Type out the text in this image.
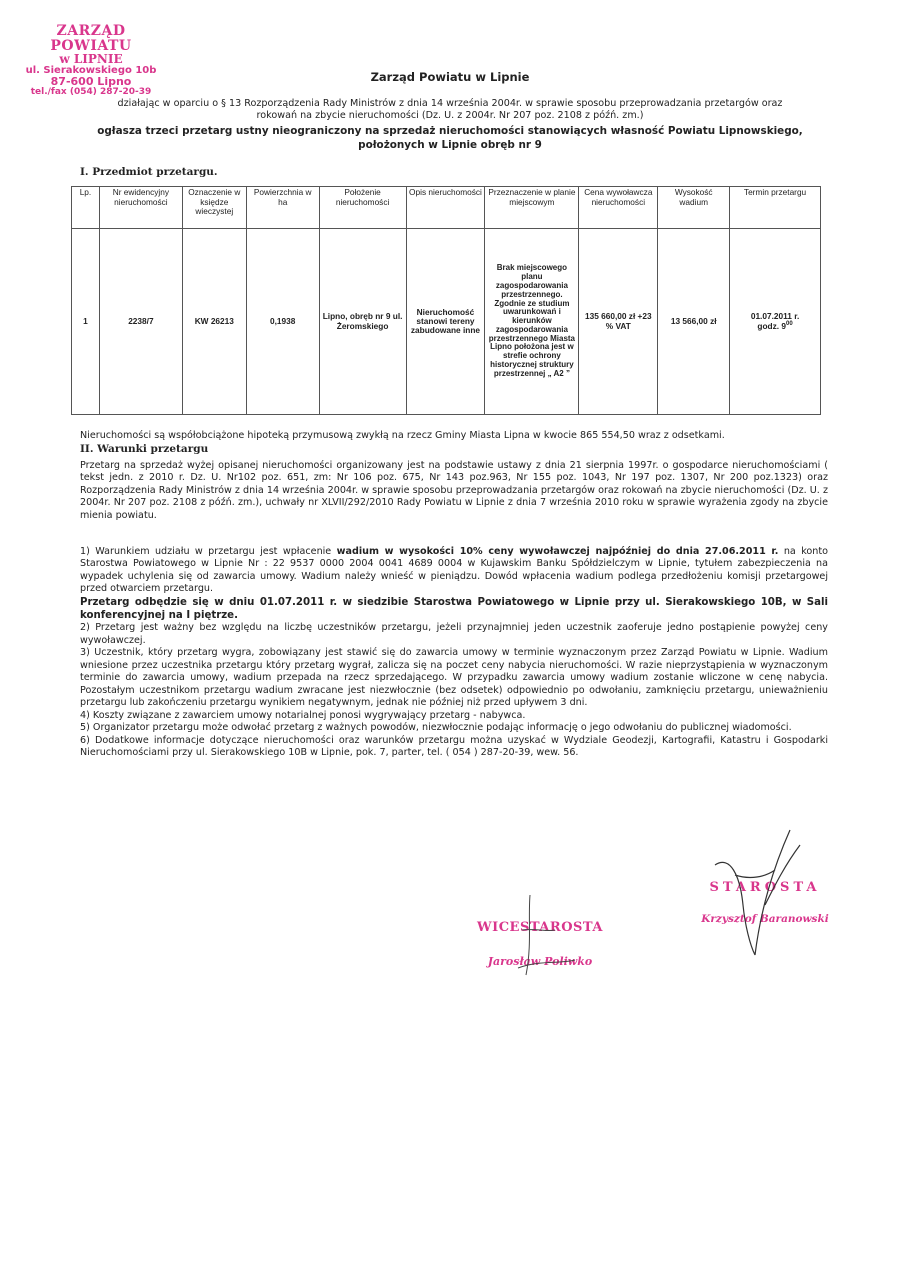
ZARZĄD POWIATU
w LIPNIE
ul. Sierakowskiego 10b
87-600 Lipno
tel./fax (054) 287-20-39
Zarząd Powiatu w Lipnie
działając w oparciu o § 13 Rozporządzenia Rady Ministrów z dnia 14 września 2004r. w sprawie sposobu przeprowadzania przetargów oraz rokowań na zbycie nieruchomości (Dz. U. z 2004r. Nr 207 poz. 2108 z późń. zm.)
ogłasza trzeci przetarg ustny nieograniczony na sprzedaż nieruchomości stanowiących własność Powiatu Lipnowskiego, położonych w Lipnie obręb nr 9
I. Przedmiot przetargu.
Lp.	Nr ewidencyjny nieruchomości	Oznaczenie w księdze wieczystej	Powierzchnia w ha	Położenie nieruchomości	Opis nieruchomości	Przeznaczenie w planie miejscowym	Cena wywoławcza nieruchomości	Wysokość wadium	Termin przetargu
1	2238/7	KW 26213	0,1938	Lipno, obręb nr 9 ul. Żeromskiego	Nieruchomość stanowi tereny zabudowane inne	Brak miejscowego planu zagospodarowania przestrzennego. Zgodnie ze studium uwarunkowań i kierunków zagospodarowania przestrzennego Miasta Lipno położona jest w strefie ochrony historycznej struktury przestrzennej „ A2 ”	135 660,00 zł +23 % VAT	13 566,00 zł	01.07.2011 r.
godz. $9^{00}$
Nieruchomości są współobciążone hipoteką przymusową zwykłą na rzecz Gminy Miasta Lipna w kwocie 865 554,50 wraz z odsetkami.
II. Warunki przetargu
Przetarg na sprzedaż wyżej opisanej nieruchomości organizowany jest na podstawie ustawy z dnia 21 sierpnia 1997r. o gospodarce nieruchomościami ( tekst jedn. z 2010 r. Dz. U. Nr102 poz. 651, zm: Nr 106 poz. 675, Nr 143 poz.963, Nr 155 poz. 1043, Nr 197 poz. 1307, Nr 200 poz.1323) oraz Rozporządzenia Rady Ministrów z dnia 14 września 2004r. w sprawie sposobu przeprowadzania przetargów oraz rokowań na zbycie nieruchomości (Dz. U. z 2004r. Nr 207 poz. 2108 z późń. zm.), uchwały nr XLVII/292/2010 Rady Powiatu w Lipnie z dnia 7 września 2010 roku w sprawie wyrażenia zgody na zbycie mienia powiatu.

1) Warunkiem udziału w przetargu jest wpłacenie wadium w wysokości 10% ceny wywoławczej najpóźniej do dnia 27.06.2011 r. na konto Starostwa Powiatowego w Lipnie Nr : 22 9537 0000 2004 0041 4689 0004 w Kujawskim Banku Spółdzielczym w Lipnie, tytułem zabezpieczenia na wypadek uchylenia się od zawarcia umowy. Wadium należy wnieść w pieniądzu. Dowód wpłacenia wadium podlega przedłożeniu komisji przetargowej przed otwarciem przetargu.

Przetarg odbędzie się w dniu 01.07.2011 r. w siedzibie Starostwa Powiatowego w Lipnie przy ul. Sierakowskiego 10B, w Sali konferencyjnej na I piętrze.

2) Przetarg jest ważny bez względu na liczbę uczestników przetargu, jeżeli przynajmniej jeden uczestnik zaoferuje jedno postąpienie powyżej ceny wywoławczej.

3) Uczestnik, który przetarg wygra, zobowiązany jest stawić się do zawarcia umowy w terminie wyznaczonym przez Zarząd Powiatu w Lipnie. Wadium wniesione przez uczestnika przetargu który przetarg wygrał, zalicza się na poczet ceny nabycia nieruchomości. W razie nieprzystąpienia w wyznaczonym terminie do zawarcia umowy, wadium przepada na rzecz sprzedającego. W przypadku zawarcia umowy wadium zostanie wliczone w cenę nabycia. Pozostałym uczestnikom przetargu wadium zwracane jest niezwłocznie (bez odsetek) odpowiednio po odwołaniu, zamknięciu przetargu, unieważnieniu przetargu lub zakończeniu przetargu wynikiem negatywnym, jednak nie później niż przed upływem 3 dni.

4) Koszty związane z zawarciem umowy notarialnej ponosi wygrywający przetarg - nabywca.

5) Organizator przetargu może odwołać przetarg z ważnych powodów, niezwłocznie podając informację o jego odwołaniu do publicznej wiadomości.

6) Dodatkowe informacje dotyczące nieruchomości oraz warunków przetargu można uzyskać w Wydziale Geodezji, Kartografii, Katastru i Gospodarki Nieruchomościami przy ul. Sierakowskiego 10B w Lipnie, pok. 7, parter, tel. ( 054 ) 287-20-39, wew. 56.

WICESTAROSTA
Jarosław Poliwko
STAROSTA
Krzysztof Baranowski
